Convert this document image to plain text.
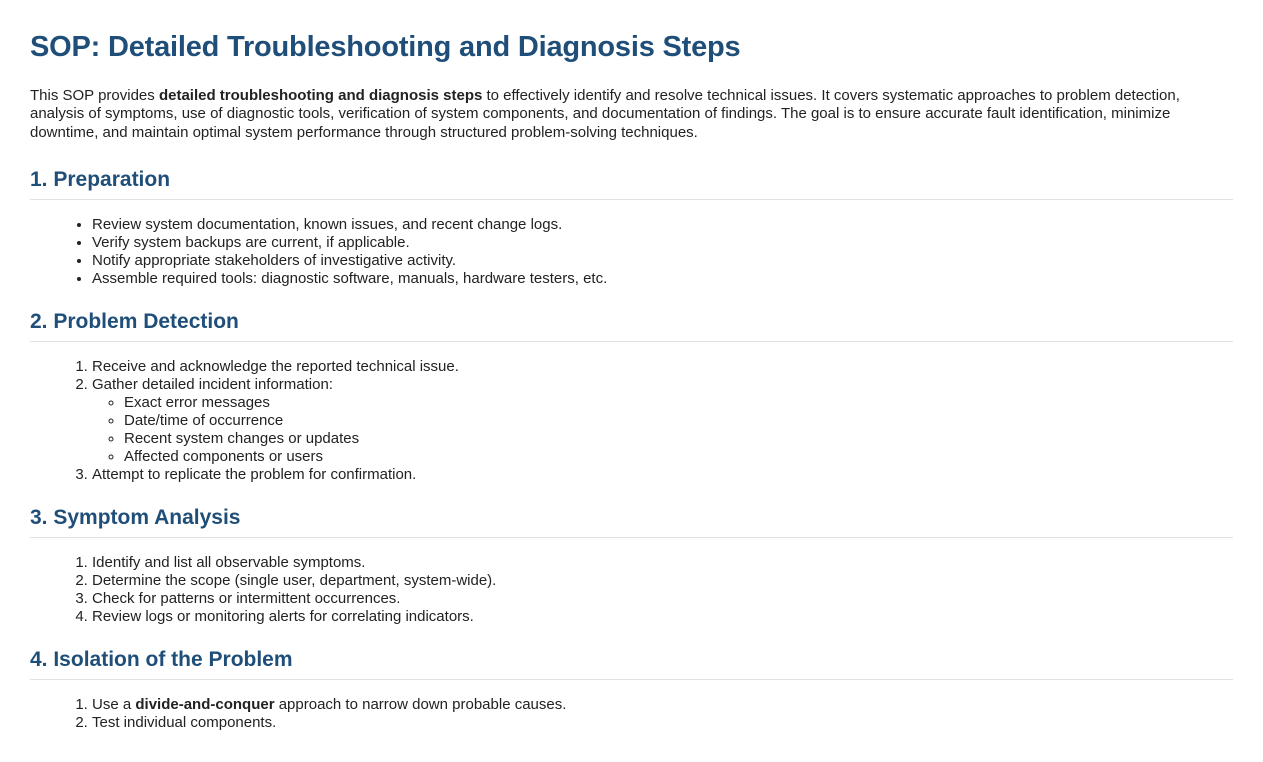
SOP: Detailed Troubleshooting and Diagnosis Steps

This SOP provides detailed troubleshooting and diagnosis steps to effectively identify and resolve technical issues. It covers systematic approaches to problem detection, analysis of symptoms, use of diagnostic tools, verification of system components, and documentation of findings. The goal is to ensure accurate fault identification, minimize downtime, and maintain optimal system performance through structured problem-solving techniques.

1. Preparation
• Review system documentation, known issues, and recent change logs.
• Verify system backups are current, if applicable.
• Notify appropriate stakeholders of investigative activity.
• Assemble required tools: diagnostic software, manuals, hardware testers, etc.
2. Problem Detection
1. Receive and acknowledge the reported technical issue.
2. Gather detailed incident information:
◦ Exact error messages
◦ Date/time of occurrence
◦ Recent system changes or updates
◦ Affected components or users
3. Attempt to replicate the problem for confirmation.
3. Symptom Analysis
1. Identify and list all observable symptoms.
2. Determine the scope (single user, department, system-wide).
3. Check for patterns or intermittent occurrences.
4. Review logs or monitoring alerts for correlating indicators.
4. Isolation of the Problem
1. Use a divide-and-conquer approach to narrow down probable causes.
2. Test individual components.
